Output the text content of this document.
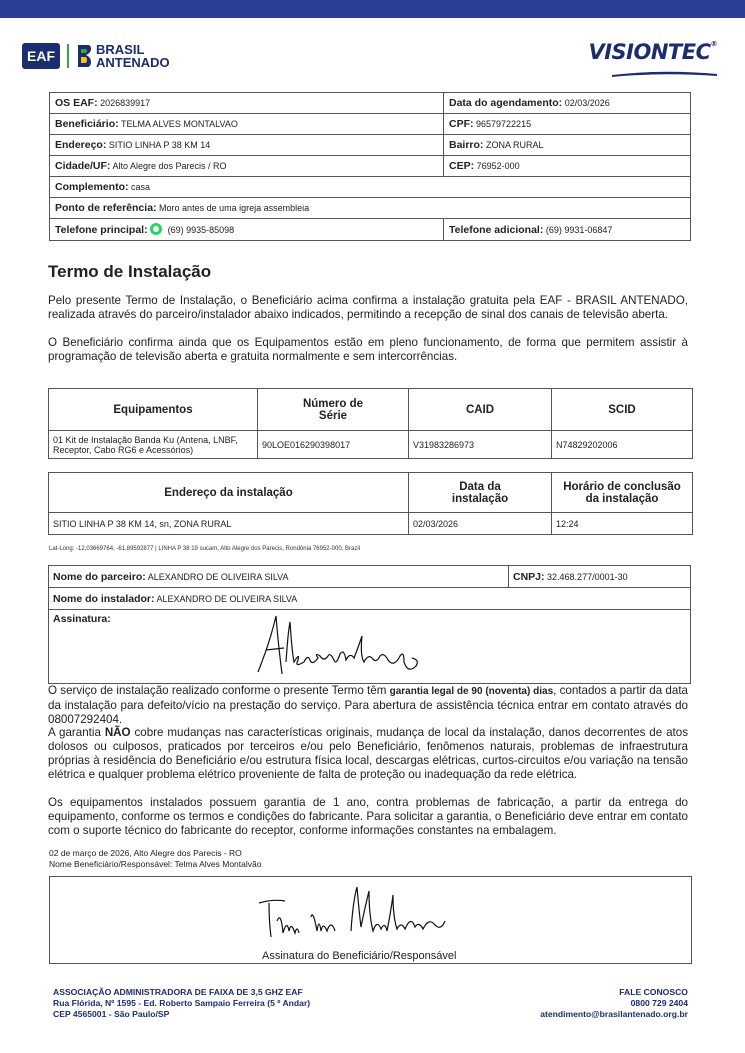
EAF	BRASIL
ANTENADO	VISIONTEC®
OS EAF: 2026839917	Data do agendamento: 02/03/2026
Beneficiário: TELMA ALVES MONTALVAO	CPF: 96579722215
Endereço: SITIO LINHA P 38 KM 14	Bairro: ZONA RURAL
Cidade/UF: Alto Alegre dos Parecis / RO	CEP: 76952-000
Complemento: casa	
Ponto de referência: Moro antes de uma igreja assembleia	
Telefone principal: (69) 9935-85098	Telefone adicional: (69) 9931-06847
Termo de Instalação
Pelo presente Termo de Instalação, o Beneficiário acima confirma a instalação gratuita pela EAF - BRASIL ANTENADO, realizada através do parceiro/instalador abaixo indicados, permitindo a recepção de sinal dos canais de televisão aberta.
O Beneficiário confirma ainda que os Equipamentos estão em pleno funcionamento, de forma que permitem assistir à programação de televisão aberta e gratuita normalmente e sem intercorrências.
Equipamentos	Número de Série	CAID	SCID
01 Kit de Instalação Banda Ku (Antena, LNBF, Receptor, Cabo RG6 e Acessórios)	90LOE016290398017	V31983286973	N74829202006
Endereço da instalação	Data da instalação	Horário de conclusão da instalação
SITIO LINHA P 38 KM 14, sn, ZONA RURAL	02/03/2026	12:24
Lat-Long: -12,03669764, -61,89592877 | LINHA P 38 19 sucam, Alto Alegre dos Parecis, Rondônia 76952-000, Brazil
Nome do parceiro: ALEXANDRO DE OLIVEIRA SILVA	CNPJ: 32.468.277/0001-30
Nome do instalador: ALEXANDRO DE OLIVEIRA SILVA
Assinatura:
O serviço de instalação realizado conforme o presente Termo têm garantia legal de 90 (noventa) dias, contados a partir da data da instalação para defeito/vício na prestação do serviço. Para abertura de assistência técnica entrar em contato através do 08007292404.
A garantia NÃO cobre mudanças nas características originais, mudança de local da instalação, danos decorrentes de atos dolosos ou culposos, praticados por terceiros e/ou pelo Beneficiário, fenômenos naturais, problemas de infraestrutura próprias à residência do Beneficiário e/ou estrutura física local, descargas elétricas, curtos-circuitos e/ou variação na tensão elétrica e qualquer problema elétrico proveniente de falta de proteção ou inadequação da rede elétrica.
Os equipamentos instalados possuem garantia de 1 ano, contra problemas de fabricação, a partir da entrega do equipamento, conforme os termos e condições do fabricante. Para solicitar a garantia, o Beneficiário deve entrar em contato com o suporte técnico do fabricante do receptor, conforme informações constantes na embalagem.
02 de março de 2026, Alto Alegre dos Parecis - RO
Nome Beneficiário/Responsável: Telma Alves Montalvão
Assinatura do Beneficiário/Responsável
ASSOCIAÇÃO ADMINISTRADORA DE FAIXA DE 3,5 GHZ EAF
Rua Flórida, Nº 1595 - Ed. Roberto Sampaio Ferreira (5 º Andar)
CEP 4565001 - São Paulo/SP
FALE CONOSCO
0800 729 2404
atendimento@brasilantenado.org.br
